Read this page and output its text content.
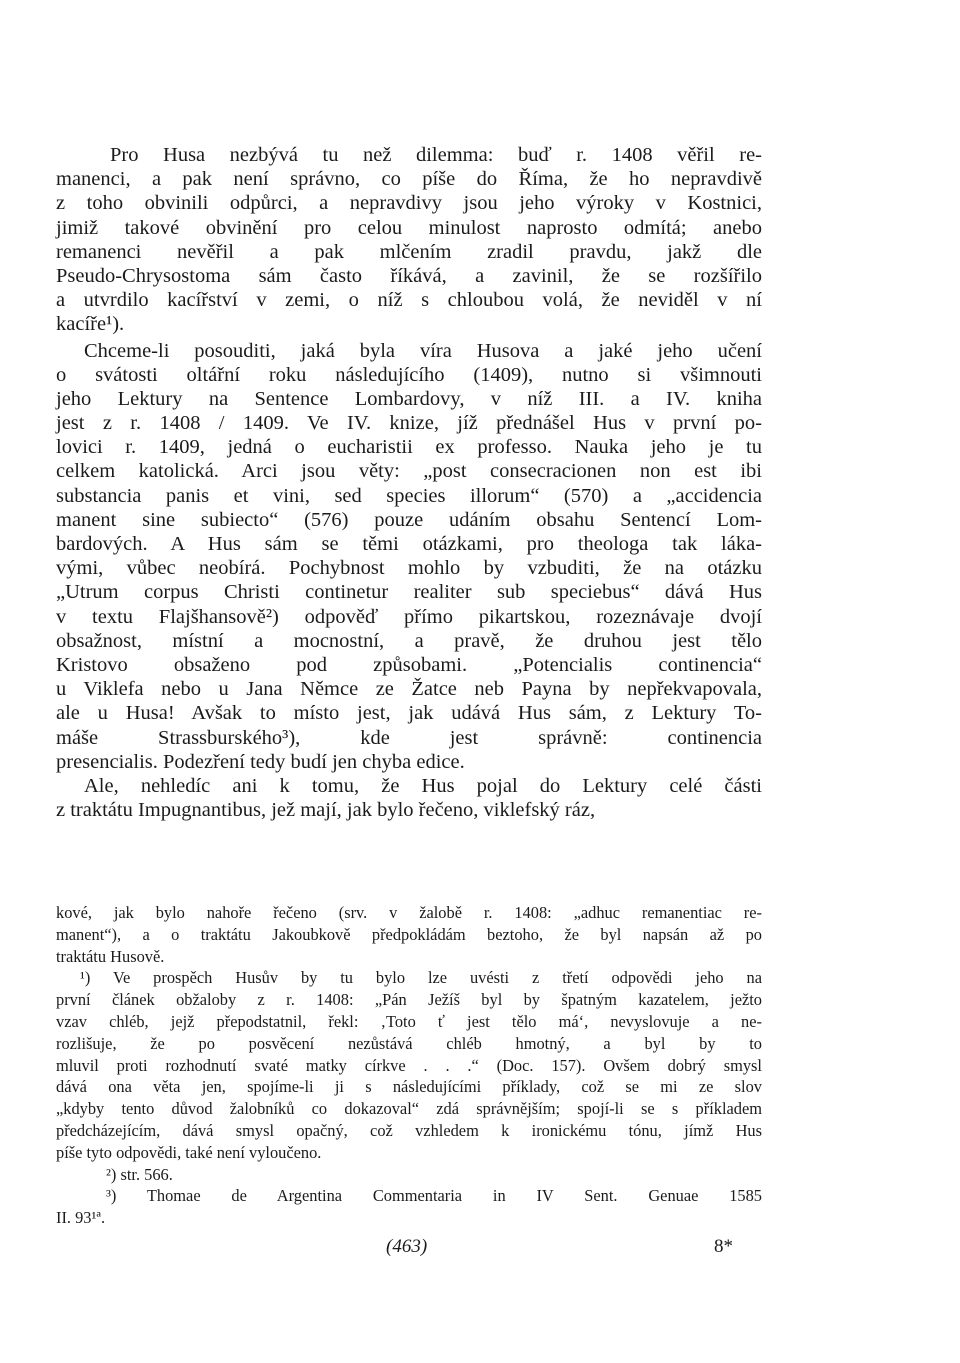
Pro Husa nezbývá tu než dilemma: buď r. 1408 věřil re-
manenci, a pak není správno, co píše do Říma, že ho nepravdivě
z toho obvinili odpůrci, a nepravdivy jsou jeho výroky v Kostnici,
jimiž takové obvinění pro celou minulost naprosto odmítá; anebo
remanenci nevěřil a pak mlčením zradil pravdu, jakž dle
Pseudo-Chrysostoma sám často říkává, a zavinil, že se rozšířilo
a utvrdilo kacířství v zemi, o níž s chloubou volá, že neviděl v ní
kacíře¹).
Chceme-li posouditi, jaká byla víra Husova a jaké jeho učení
o svátosti oltářní roku následujícího (1409), nutno si všimnouti
jeho Lektury na Sentence Lombardovy, v níž III. a IV. kniha
jest z r. 1408 / 1409. Ve IV. knize, jíž přednášel Hus v první po-
lovici r. 1409, jedná o eucharistii ex professo. Nauka jeho je tu
celkem katolická. Arci jsou věty: „post consecracionen non est ibi
substancia panis et vini, sed species illorum“ (570) a „accidencia
manent sine subiecto“ (576) pouze udáním obsahu Sentencí Lom-
bardových. A Hus sám se těmi otázkami, pro theologa tak láka-
vými, vůbec neobírá. Pochybnost mohlo by vzbuditi, že na otázku
„Utrum corpus Christi continetur realiter sub speciebus“ dává Hus
v textu Flajšhansově²) odpověď přímo pikartskou, rozeznávaje dvojí
obsažnost, místní a mocnostní, a pravě, že druhou jest tělo
Kristovo obsaženo pod způsobami. „Potencialis continencia“
u Viklefa nebo u Jana Němce ze Žatce neb Payna by nepřekvapovala,
ale u Husa! Avšak to místo jest, jak udává Hus sám, z Lektury To-
máše Strassburského³), kde jest správně: continencia
presencialis. Podezření tedy budí jen chyba edice.
Ale, nehledíc ani k tomu, že Hus pojal do Lektury celé části
z traktátu Impugnantibus, jež mají, jak bylo řečeno, viklefský ráz,
kové, jak bylo nahoře řečeno (srv. v žalobě r. 1408: „adhuc remanentiac re-
manent“), a o traktátu Jakoubkově předpokládám beztoho, že byl napsán až po
traktátu Husově.
¹) Ve prospěch Husův by tu bylo lze uvésti z třetí odpovědi jeho na
první článek obžaloby z r. 1408: „Pán Ježíš byl by špatným kazatelem, ježto
vzav chléb, jejž přepodstatnil, řekl: ‚Toto ť jest tělo má‘, nevyslovuje a ne-
rozlišuje, že po posvěcení nezůstává chléb hmotný, a byl by to
mluvil proti rozhodnutí svaté matky církve . . .“ (Doc. 157). Ovšem dobrý smysl
dává ona věta jen, spojíme-li ji s následujícími příklady, což se mi ze slov
„kdyby tento důvod žalobníků co dokazoval“ zdá správnějším; spojí-li se s příkladem
předcházejícím, dává smysl opačný, což vzhledem k ironickému tónu, jímž Hus
píše tyto odpovědi, také není vyloučeno.
²) str. 566.
³) Thomae de Argentina Commentaria in IV Sent. Genuae 1585
II. 93¹ª.
(463)	8*
